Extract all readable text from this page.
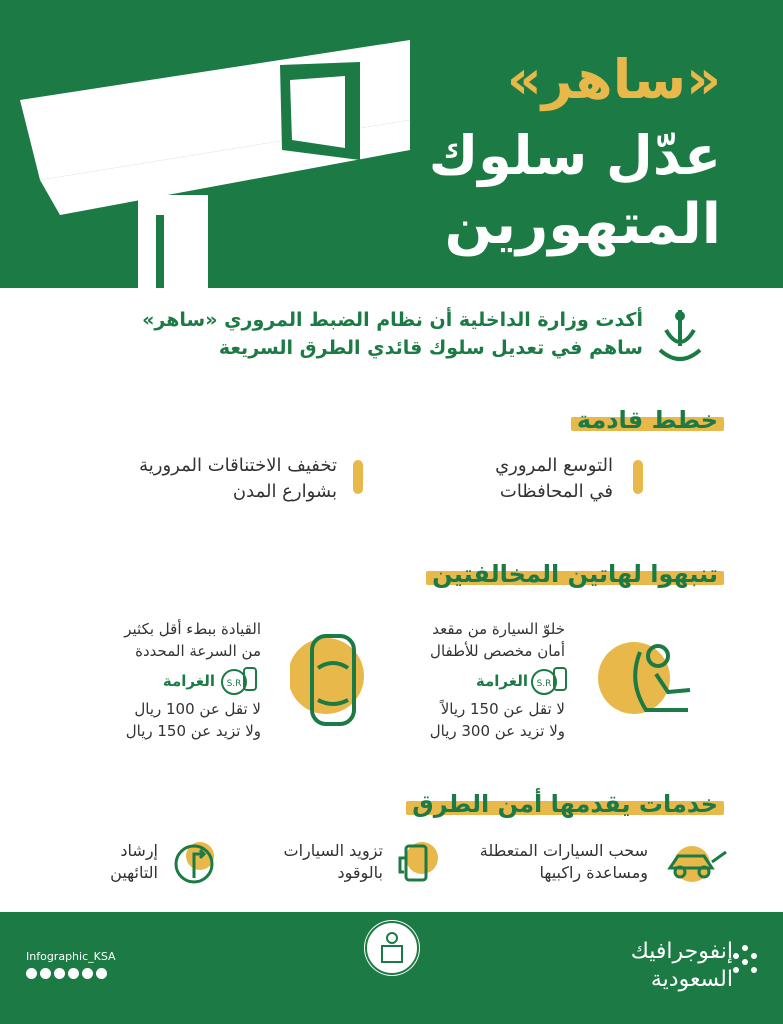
«ساهر»
عدّل سلوك
المتهورين
أكدت وزارة الداخلية أن نظام الضبط المروري «ساهر»
ساهم في تعديل سلوك قائدي الطرق السريعة
خطط قادمة
التوسع المروري
في المحافظات
تخفيف الاختناقات المرورية
بشوارع المدن
تنبهوا لهاتين المخالفتين
خلوّ السيارة من مقعد
أمان مخصص للأطفال
S.R
الغرامة
لا تقل عن 150 ريالاً
ولا تزيد عن 300 ريال
القيادة ببطء أقل بكثير
من السرعة المحددة
S.R
الغرامة
لا تقل عن 100 ريال
ولا تزيد عن 150 ريال
خدمات يقدمها أمن الطرق
سحب السيارات المتعطلة
ومساعدة راكبيها
تزويد السيارات
بالوقود
إرشاد
التائهين
إنفوجرافيك
السعودية
Infographic_KSA
